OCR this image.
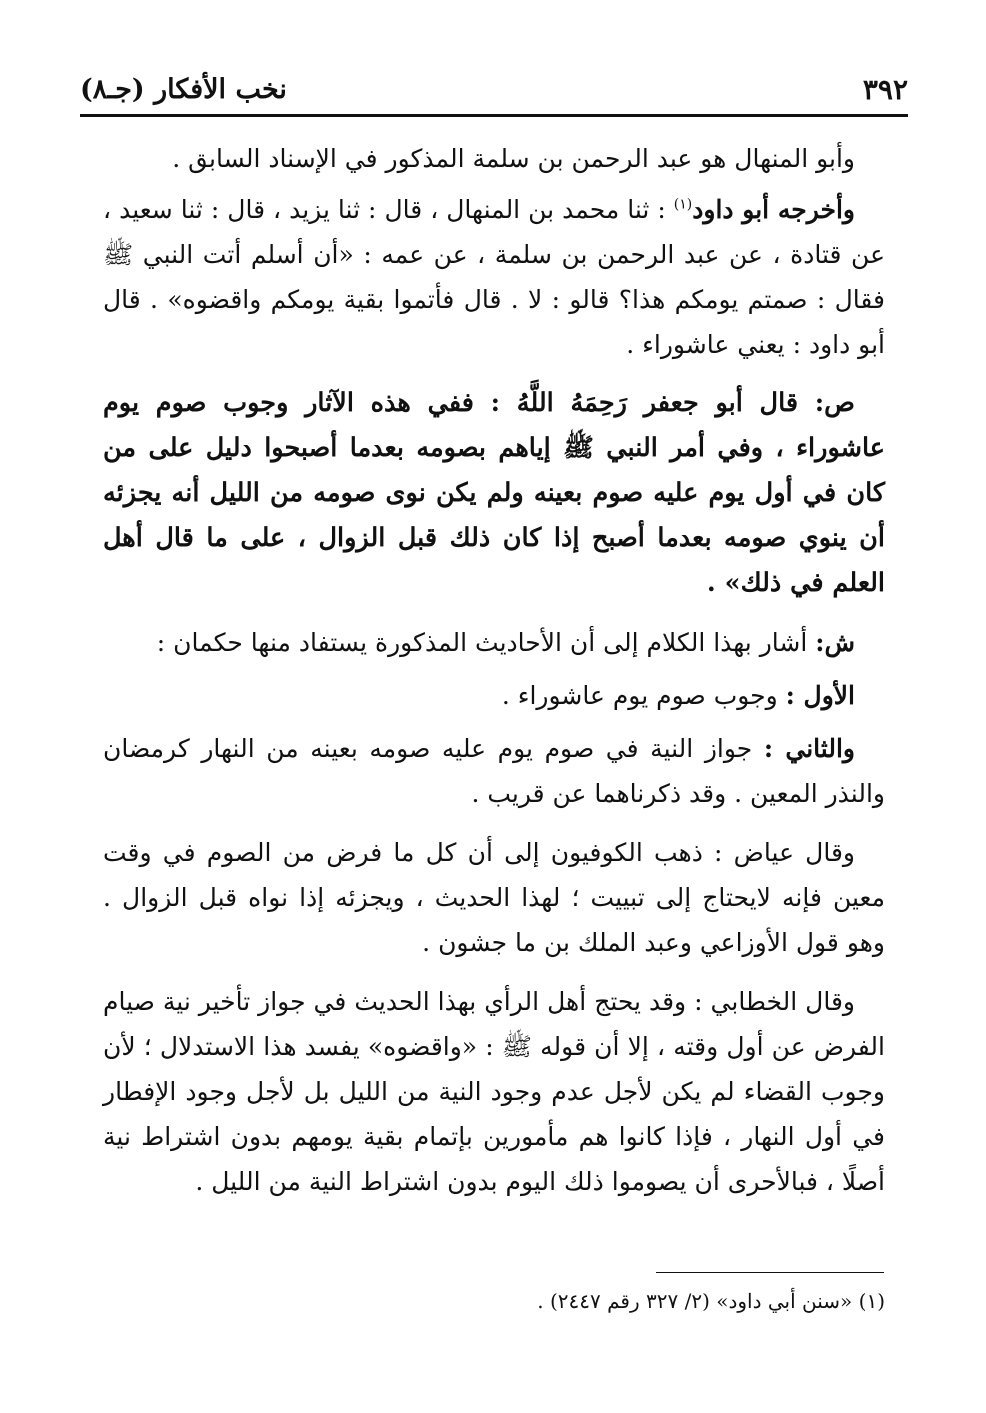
٣٩٢
نخب الأفكار (جـ٨)

وأبو المنهال هو عبد الرحمن بن سلمة المذكور في الإسناد السابق .

وأخرجه أبو داود$^{(١)}$ : ثنا محمد بن المنهال ، قال : ثنا يزيد ، قال : ثنا سعيد ، عن قتادة ، عن عبد الرحمن بن سلمة ، عن عمه : «أن أسلم أتت النبي ﷺ فقال : صمتم يومكم هذا؟ قالو : لا . قال فأتموا بقية يومكم واقضوه» . قال أبو داود : يعني عاشوراء .

ص: قال أبو جعفر رَحِمَهُ اللَّهُ : ففي هذه الآثار وجوب صوم يوم عاشوراء ، وفي أمر النبي ﷺ إياهم بصومه بعدما أصبحوا دليل على من كان في أول يوم عليه صوم بعينه ولم يكن نوى صومه من الليل أنه يجزئه أن ينوي صومه بعدما أصبح إذا كان ذلك قبل الزوال ، على ما قال أهل العلم في ذلك» .

ش: أشار بهذا الكلام إلى أن الأحاديث المذكورة يستفاد منها حكمان :

الأول : وجوب صوم يوم عاشوراء .

والثاني : جواز النية في صوم يوم عليه صومه بعينه من النهار كرمضان والنذر المعين . وقد ذكرناهما عن قريب .

وقال عياض : ذهب الكوفيون إلى أن كل ما فرض من الصوم في وقت معين فإنه لايحتاج إلى تبييت ؛ لهذا الحديث ، ويجزئه إذا نواه قبل الزوال . وهو قول الأوزاعي وعبد الملك بن ما جشون .

وقال الخطابي : وقد يحتج أهل الرأي بهذا الحديث في جواز تأخير نية صيام الفرض عن أول وقته ، إلا أن قوله ﷺ : «واقضوه» يفسد هذا الاستدلال ؛ لأن وجوب القضاء لم يكن لأجل عدم وجود النية من الليل بل لأجل وجود الإفطار في أول النهار ، فإذا كانوا هم مأمورين بإتمام بقية يومهم بدون اشتراط نية أصلًا ، فبالأحرى أن يصوموا ذلك اليوم بدون اشتراط النية من الليل .

(١) «سنن أبي داود» (٢/ ٣٢٧ رقم ٢٤٤٧) .
